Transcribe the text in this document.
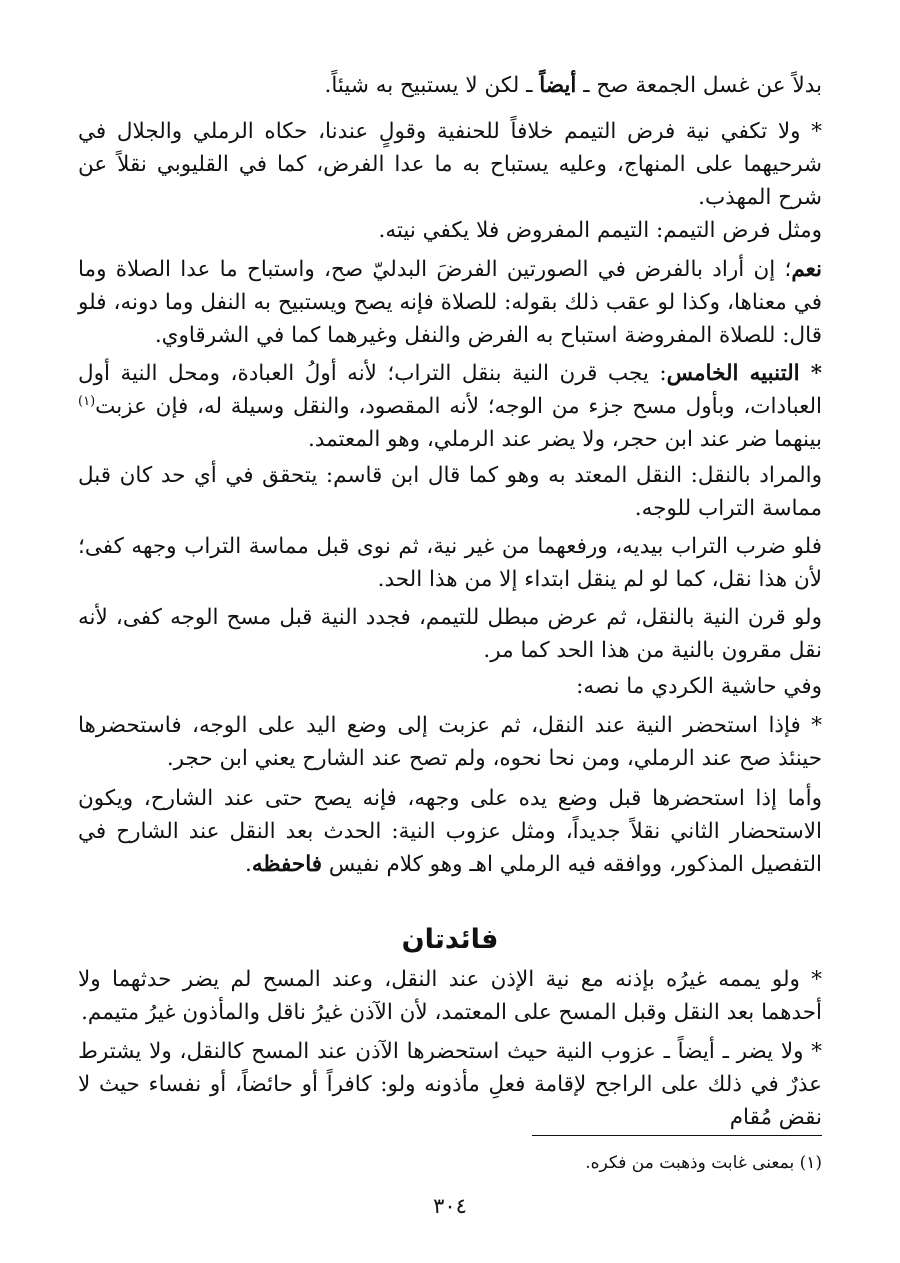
بدلاً عن غسل الجمعة صح ـ أيضاً ـ لكن لا يستبيح به شيئاً.

* ولا تكفي نية فرض التيمم خلافاً للحنفية وقولٍ عندنا، حكاه الرملي والجلال في شرحيهما على المنهاج، وعليه يستباح به ما عدا الفرض، كما في القليوبي نقلاً عن شرح المهذب.

ومثل فرض التيمم: التيمم المفروض فلا يكفي نيته.

نعم؛ إن أراد بالفرض في الصورتين الفرضَ البدليّ صح، واستباح ما عدا الصلاة وما في معناها، وكذا لو عقب ذلك بقوله: للصلاة فإنه يصح ويستبيح به النفل وما دونه، فلو قال: للصلاة المفروضة استباح به الفرض والنفل وغيرهما كما في الشرقاوي.

* التنبيه الخامس: يجب قرن النية بنقل التراب؛ لأنه أولُ العبادة، ومحل النية أول العبادات، وبأول مسح جزء من الوجه؛ لأنه المقصود، والنقل وسيلة له، فإن عزبت$^{(١)}$ بينهما ضر عند ابن حجر، ولا يضر عند الرملي، وهو المعتمد.

والمراد بالنقل: النقل المعتد به وهو كما قال ابن قاسم: يتحقق في أي حد كان قبل مماسة التراب للوجه.

فلو ضرب التراب بيديه، ورفعهما من غير نية، ثم نوى قبل مماسة التراب وجهه كفى؛ لأن هذا نقل، كما لو لم ينقل ابتداء إلا من هذا الحد.

ولو قرن النية بالنقل، ثم عرض مبطل للتيمم، فجدد النية قبل مسح الوجه كفى، لأنه نقل مقرون بالنية من هذا الحد كما مر.

وفي حاشية الكردي ما نصه:

* فإذا استحضر النية عند النقل، ثم عزبت إلى وضع اليد على الوجه، فاستحضرها حينئذ صح عند الرملي، ومن نحا نحوه، ولم تصح عند الشارح يعني ابن حجر.

وأما إذا استحضرها قبل وضع يده على وجهه، فإنه يصح حتى عند الشارح، ويكون الاستحضار الثاني نقلاً جديداً، ومثل عزوب النية: الحدث بعد النقل عند الشارح في التفصيل المذكور، ووافقه فيه الرملي اهـ وهو كلام نفيس فاحفظه.

فائدتان

* ولو يممه غيرُه بإذنه مع نية الإذن عند النقل، وعند المسح لم يضر حدثهما ولا أحدهما بعد النقل وقبل المسح على المعتمد، لأن الآذن غيرُ ناقل والمأذون غيرُ متيمم.

* ولا يضر ـ أيضاً ـ عزوب النية حيث استحضرها الآذن عند المسح كالنقل، ولا يشترط عذرٌ في ذلك على الراجح لإقامة فعلِ مأذونه ولو: كافراً أو حائضاً، أو نفساء حيث لا نقض مُقام

(١) بمعنى غابت وذهبت من فكره.

٣٠٤
